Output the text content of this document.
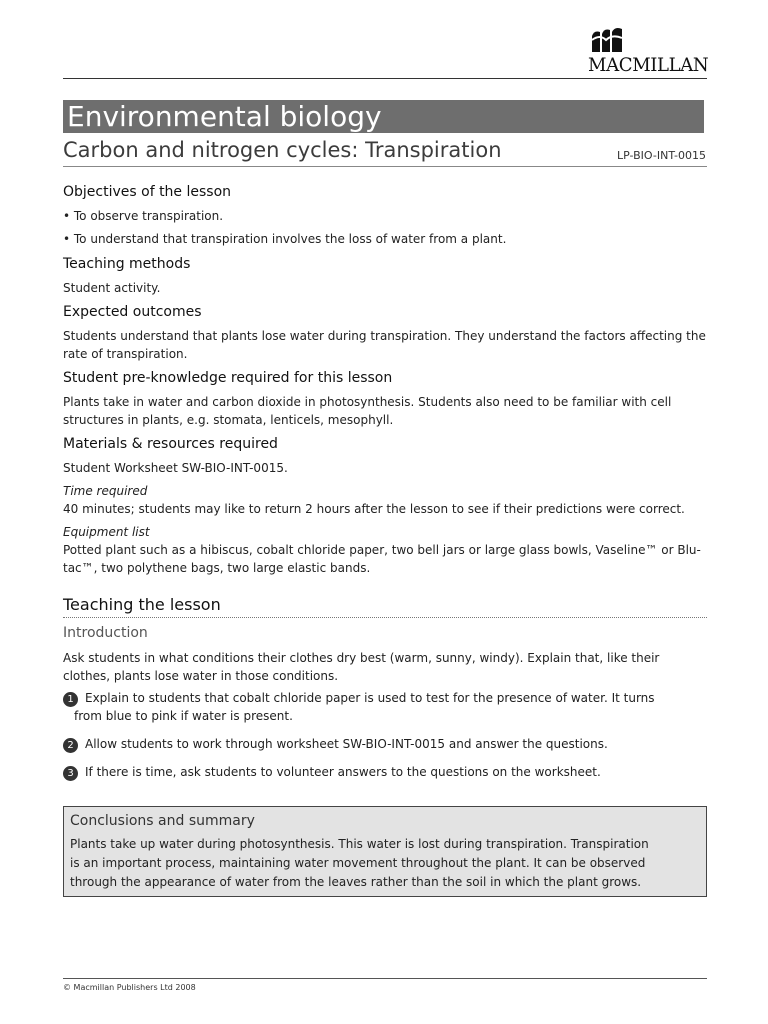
MACMILLAN
Environmental biology
Carbon and nitrogen cycles: Transpiration	LP-BIO-INT-0015
Objectives of the lesson

• To observe transpiration.

• To understand that transpiration involves the loss of water from a plant.

Teaching methods

Student activity.

Expected outcomes

Students understand that plants lose water during transpiration. They understand the factors affecting the rate of transpiration.

Student pre-knowledge required for this lesson

Plants take in water and carbon dioxide in photosynthesis. Students also need to be familiar with cell structures in plants, e.g. stomata, lenticels, mesophyll.

Materials & resources required

Student Worksheet SW-BIO-INT-0015.

Time required

40 minutes; students may like to return 2 hours after the lesson to see if their predictions were correct.

Equipment list

Potted plant such as a hibiscus, cobalt chloride paper, two bell jars or large glass bowls, Vaseline™ or Blu-tac™, two polythene bags, two large elastic bands.

Teaching the lesson
Introduction

Ask students in what conditions their clothes dry best (warm, sunny, windy). Explain that, like their clothes, plants lose water in those conditions.

1 Explain to students that cobalt chloride paper is used to test for the presence of water. It turns
from blue to pink if water is present.
2 Allow students to work through worksheet SW-BIO-INT-0015 and answer the questions.
3 If there is time, ask students to volunteer answers to the questions on the worksheet.
Conclusions and summary

Plants take up water during photosynthesis. This water is lost during transpiration. Transpiration

is an important process, maintaining water movement throughout the plant. It can be observed

through the appearance of water from the leaves rather than the soil in which the plant grows.

© Macmillan Publishers Ltd 2008
